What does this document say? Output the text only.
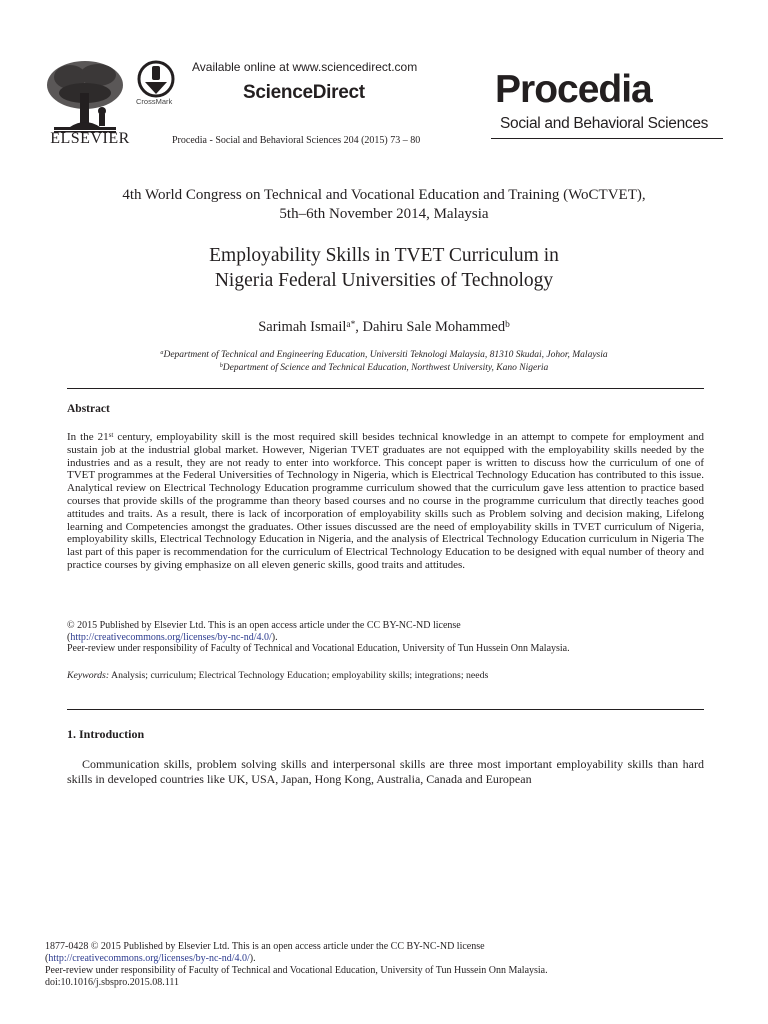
ELSEVIER
CrossMark
Available online at www.sciencedirect.com
ScienceDirect
Procedia - Social and Behavioral Sciences 204 (2015) 73 – 80
Procedia
Social and Behavioral Sciences
4th World Congress on Technical and Vocational Education and Training (WoCTVET),
5th–6th November 2014, Malaysia
Employability Skills in TVET Curriculum in
Nigeria Federal Universities of Technology
Sarimah Ismail$^{a*}$, Dahiru Sale Mohammed$^b$
$^a$Department of Technical and Engineering Education, Universiti Teknologi Malaysia, 81310 Skudai, Johor, Malaysia
$^b$Department of Science and Technical Education, Northwest University, Kano Nigeria
Abstract
In the 21st century, employability skill is the most required skill besides technical knowledge in an attempt to compete for employment and sustain job at the industrial global market. However, Nigerian TVET graduates are not equipped with the employability skills needed by the industries and as a result, they are not ready to enter into workforce. This concept paper is written to discuss how the curriculum of one of TVET programmes at the Federal Universities of Technology in Nigeria, which is Electrical Technology Education has contributed to this issue. Analytical review on Electrical Technology Education programme curriculum showed that the curriculum gave less attention to practice based courses that provide skills of the programme than theory based courses and no course in the programme curriculum that directly teaches good attitudes and traits. As a result, there is lack of incorporation of employability skills such as Problem solving and decision making, Lifelong learning and Competencies amongst the graduates. Other issues discussed are the need of employability skills in TVET curriculum of Nigeria, employability skills, Electrical Technology Education in Nigeria, and the analysis of Electrical Technology Education curriculum in Nigeria The last part of this paper is recommendation for the curriculum of Electrical Technology Education to be designed with equal number of theory and practice courses by giving emphasize on all eleven generic skills, good traits and attitudes.
© 2015 Published by Elsevier Ltd. This is an open access article under the CC BY-NC-ND license
(http://creativecommons.org/licenses/by-nc-nd/4.0/).
Peer-review under responsibility of Faculty of Technical and Vocational Education, University of Tun Hussein Onn Malaysia.
Keywords: Analysis; curriculum; Electrical Technology Education; employability skills; integrations; needs
1. Introduction
Communication skills, problem solving skills and interpersonal skills are three most important employability skills than hard skills in developed countries like UK, USA, Japan, Hong Kong, Australia, Canada and European
1877-0428 © 2015 Published by Elsevier Ltd. This is an open access article under the CC BY-NC-ND license
(http://creativecommons.org/licenses/by-nc-nd/4.0/).
Peer-review under responsibility of Faculty of Technical and Vocational Education, University of Tun Hussein Onn Malaysia.
doi:10.1016/j.sbspro.2015.08.111
